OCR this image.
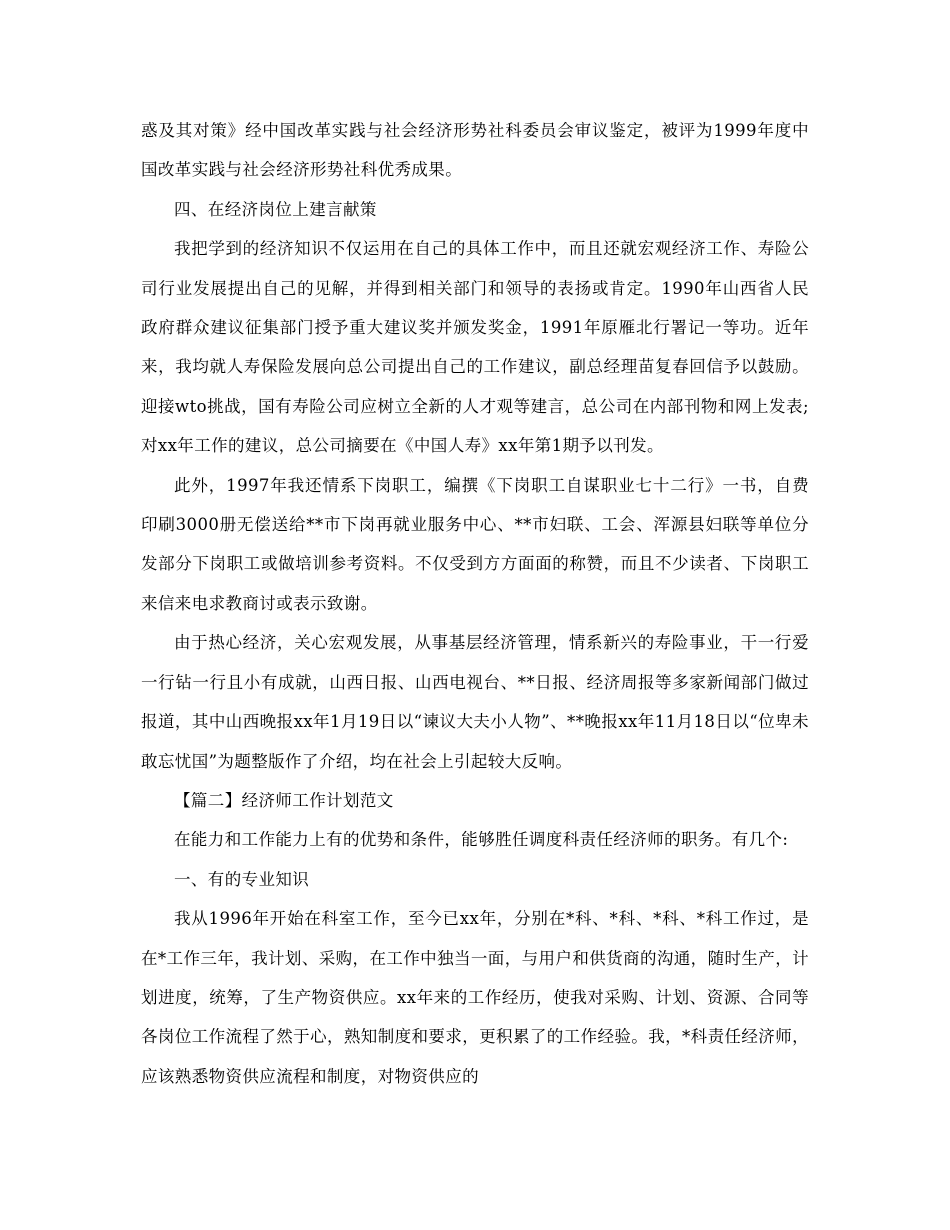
惑及其对策》经中国改革实践与社会经济形势社科委员会审议鉴定，被评为1999年度中国改革实践与社会经济形势社科优秀成果。

四、在经济岗位上建言献策

我把学到的经济知识不仅运用在自己的具体工作中，而且还就宏观经济工作、寿险公司行业发展提出自己的见解，并得到相关部门和领导的表扬或肯定。1990年山西省人民政府群众建议征集部门授予重大建议奖并颁发奖金，1991年原雁北行署记一等功。近年来，我均就人寿保险发展向总公司提出自己的工作建议，副总经理苗复春回信予以鼓励。迎接wto挑战，国有寿险公司应树立全新的人才观等建言，总公司在内部刊物和网上发表;对xx年工作的建议，总公司摘要在《中国人寿》xx年第1期予以刊发。

此外，1997年我还情系下岗职工，编撰《下岗职工自谋职业七十二行》一书，自费印刷3000册无偿送给**市下岗再就业服务中心、**市妇联、工会、浑源县妇联等单位分发部分下岗职工或做培训参考资料。不仅受到方方面面的称赞，而且不少读者、下岗职工来信来电求教商讨或表示致谢。

由于热心经济，关心宏观发展，从事基层经济管理，情系新兴的寿险事业，干一行爱一行钻一行且小有成就，山西日报、山西电视台、**日报、经济周报等多家新闻部门做过报道，其中山西晚报xx年1月19日以“谏议大夫小人物”、**晚报xx年11月18日以“位卑未敢忘忧国”为题整版作了介绍，均在社会上引起较大反响。

【篇二】经济师工作计划范文

在能力和工作能力上有的优势和条件，能够胜任调度科责任经济师的职务。有几个:

一、有的专业知识

我从1996年开始在科室工作，至今已xx年，分别在*科、*科、*科、*科工作过，是在*工作三年，我计划、采购，在工作中独当一面，与用户和供货商的沟通，随时生产，计划进度，统筹，了生产物资供应。xx年来的工作经历，使我对采购、计划、资源、合同等各岗位工作流程了然于心，熟知制度和要求，更积累了的工作经验。我，*科责任经济师，应该熟悉物资供应流程和制度，对物资供应的
